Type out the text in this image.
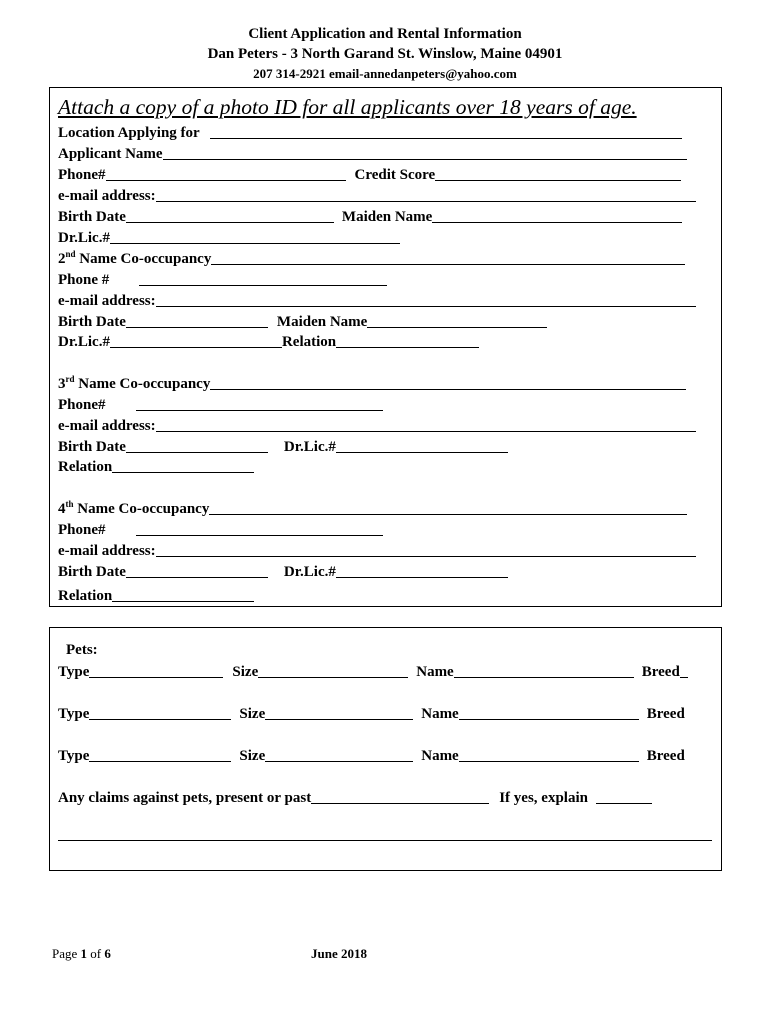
Client Application and Rental Information
Dan Peters - 3 North Garand St. Winslow, Maine 04901
207 314-2921 email-annedanpeters@yahoo.com
Attach a copy of a photo ID for all applicants over 18 years of age.
Location Applying for
Applicant Name
Phone#	Credit Score
e-mail address:
Birth Date	Maiden Name
Dr.Lic.#
2nd Name Co-occupancy
Phone #
e-mail address:
Birth Date	Maiden Name
Dr.Lic.#	Relation
3rd Name Co-occupancy
Phone#
e-mail address:
Birth Date	Dr.Lic.#
Relation
4th Name Co-occupancy
Phone#
e-mail address:
Birth Date	Dr.Lic.#
Relation
Pets:
Type	Size	Name	Breed
Type	Size	Name	Breed
Type	Size	Name	Breed
Any claims against pets, present or past	If yes, explain
Page 1 of 6	June 2018
